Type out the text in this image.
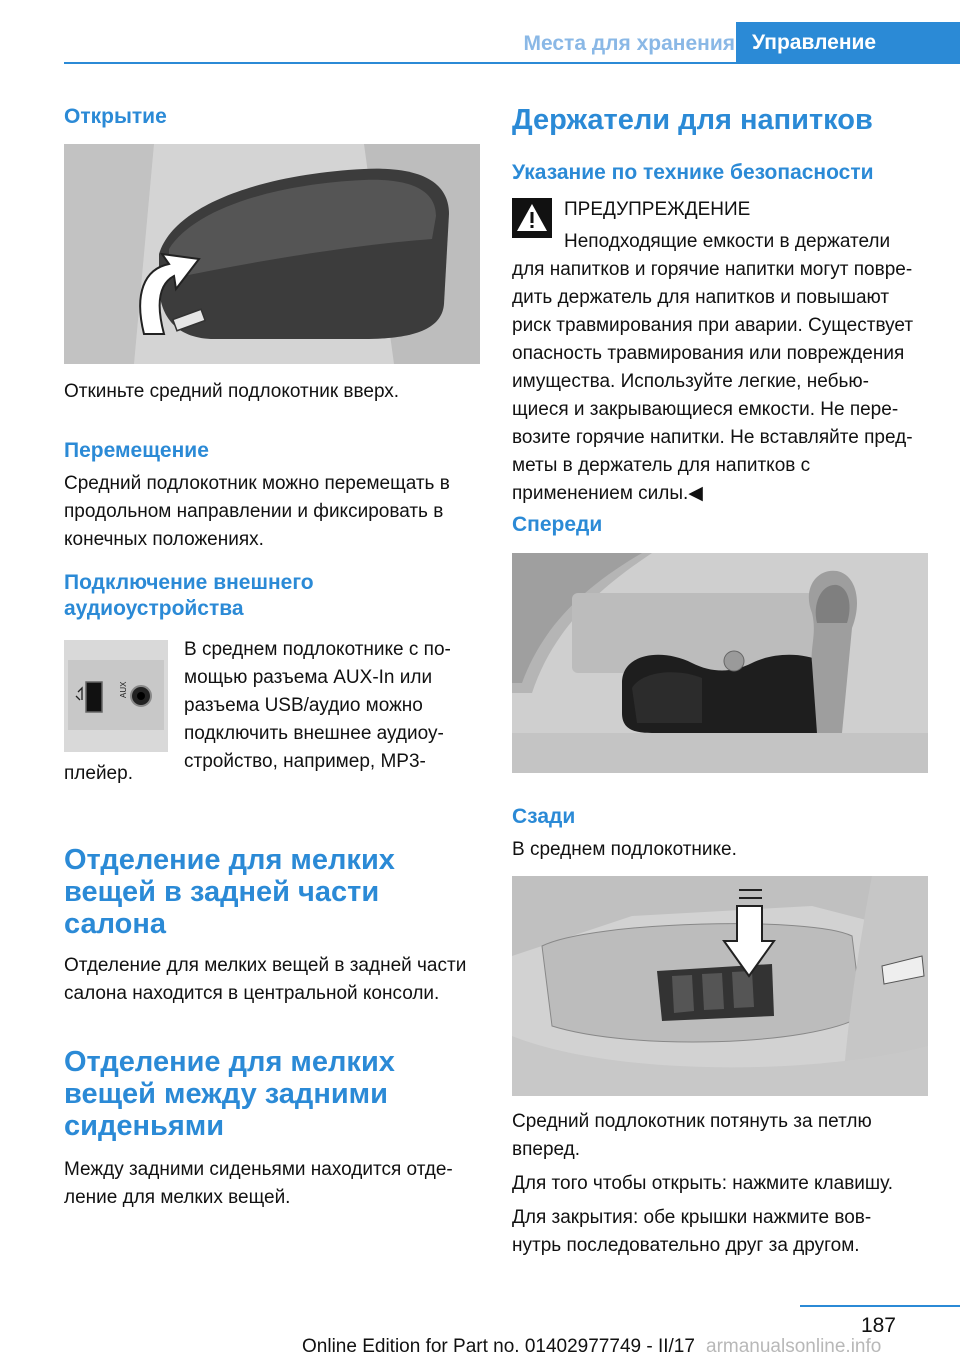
Места для хранения Управление
Открытие
Откиньте средний подлокотник вверх.
Перемещение
Средний подлокотник можно перемещать в
продольном направлении и фиксировать в
конечных положениях.
Подключение внешнего
аудиоустройства
AUX
В среднем подлокотнике с по-
мощью разъема AUX-In или
разъема USB/аудио можно
подключить внешнее аудиоу-
стройство, например, MP3-
плейер.
Отделение для мелких
вещей в задней части
салона
Отделение для мелких вещей в задней части
салона находится в центральной консоли.
Отделение для мелких
вещей между задними
сиденьями
Между задними сиденьями находится отде-
ление для мелких вещей.
Держатели для напитков
Указание по технике безопасности
ПРЕДУПРЕЖДЕНИЕ
Неподходящие емкости в держатели
для напитков и горячие напитки могут повре-
дить держатель для напитков и повышают
риск травмирования при аварии. Существует
опасность травмирования или повреждения
имущества. Используйте легкие, небью-
щиеся и закрывающиеся емкости. Не пере-
возите горячие напитки. Не вставляйте пред-
меты в держатель для напитков с
применением силы.◀
Спереди
Сзади
В среднем подлокотнике.
Средний подлокотник потянуть за петлю
вперед.
Для того чтобы открыть: нажмите клавишу.
Для закрытия: обе крышки нажмите вов-
нутрь последовательно друг за другом.
187
Online Edition for Part no. 01402977749 - II/17 armanualsonline.info
